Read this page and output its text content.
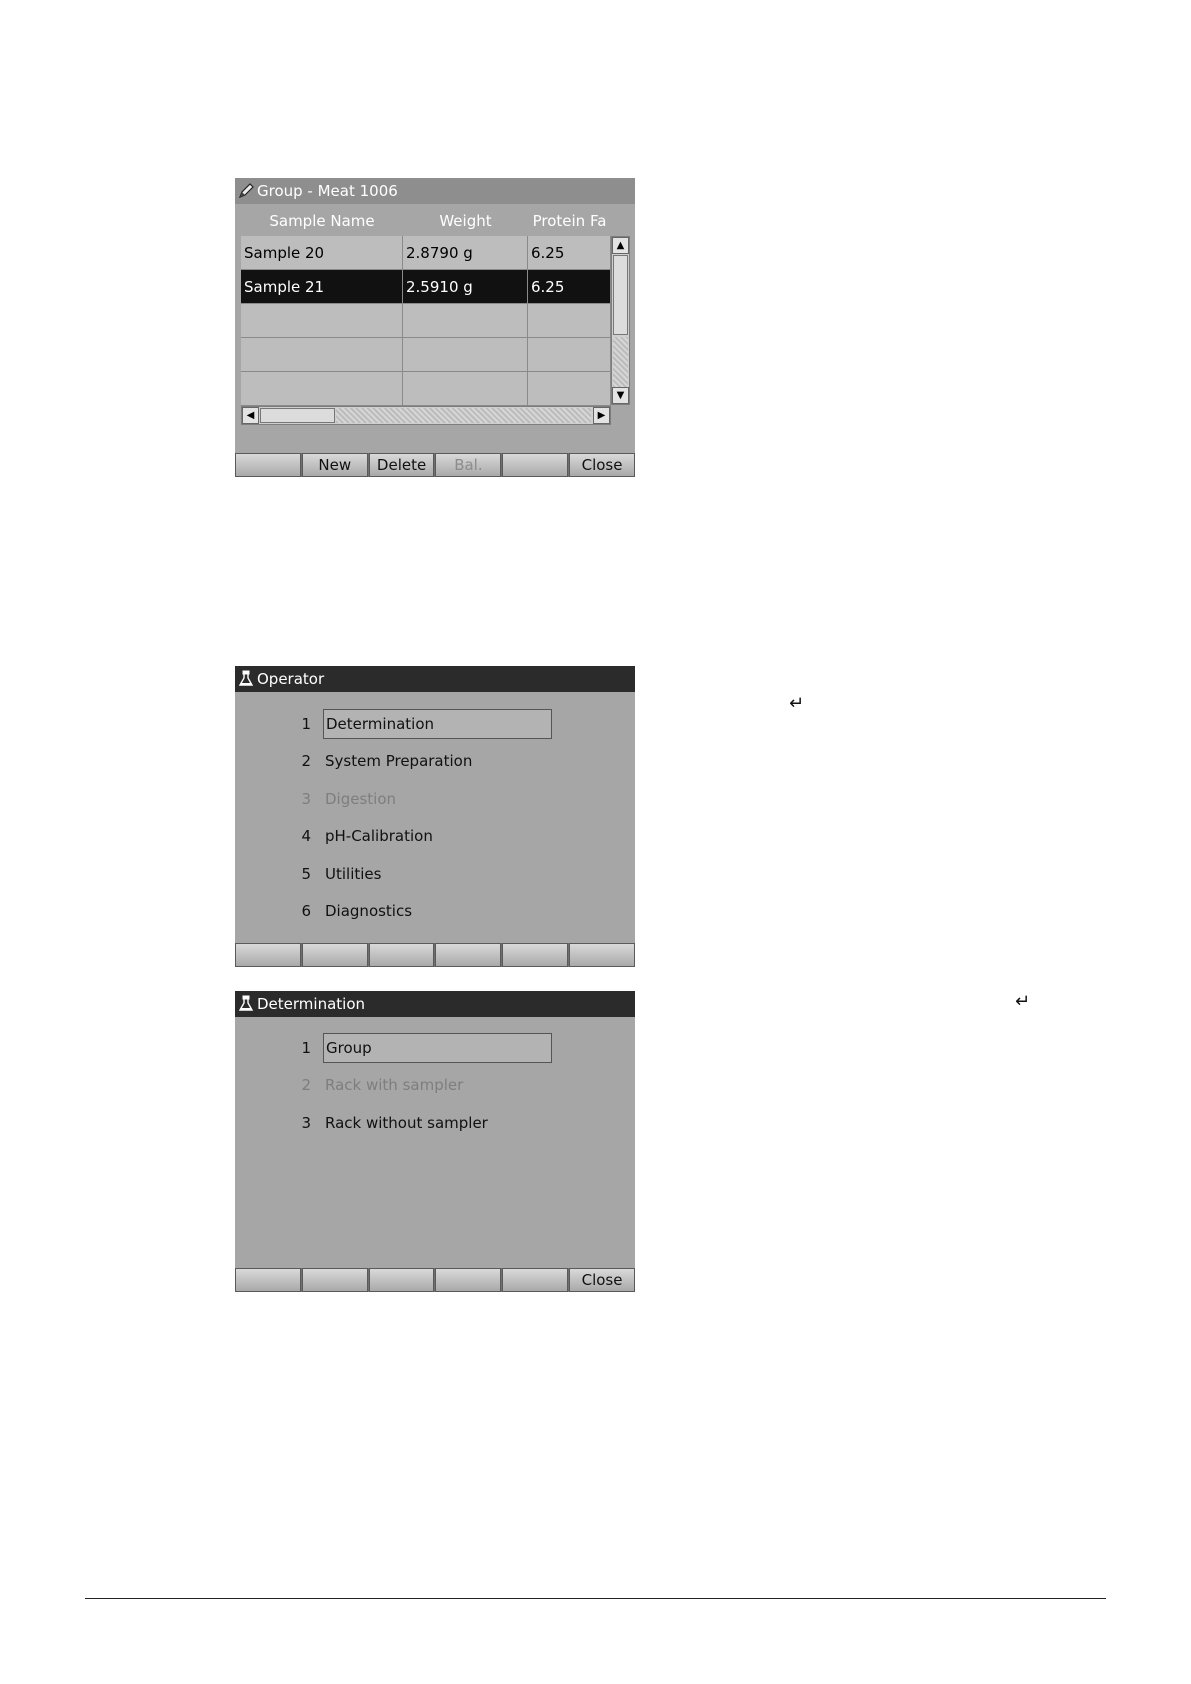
Group - Meat 1006
Sample Name	Weight	Protein Fa
Sample 20	2.8790 g	6.25
Sample 21	2.5910 g	6.25
▲
▼
◀	▶
New	Delete	Bal.	Close
Operator
1 Determination
2 System Preparation
3 Digestion
4 pH-Calibration
5 Utilities
6 Diagnostics
↵
Determination
1 Group
2 Rack with sampler
3 Rack without sampler
Close
↵
